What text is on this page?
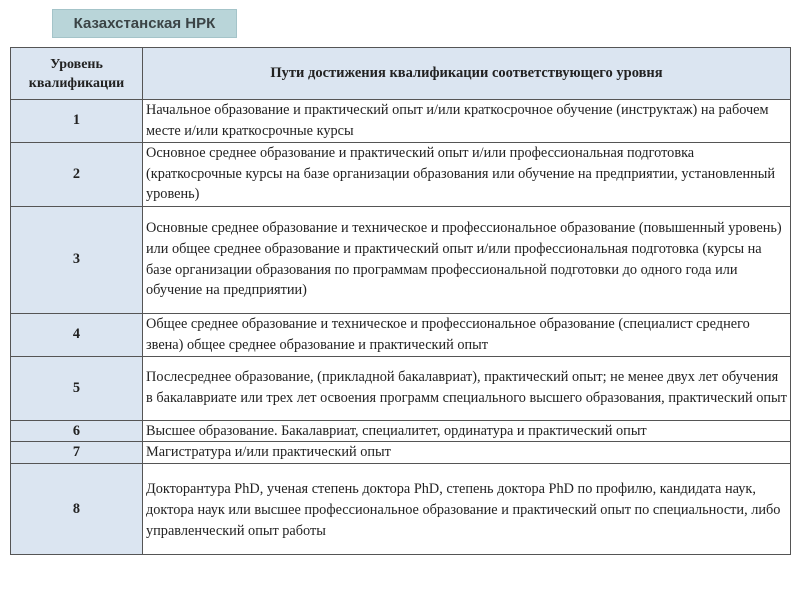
Казахстанская НРК
Уровень квалификации	Пути достижения квалификации соответствующего уровня
1	Начальное образование и практический опыт и/или краткосрочное обучение (инструктаж) на рабочем месте и/или краткосрочные курсы
2	Основное среднее образование и практический опыт и/или профессиональная подготовка (краткосрочные курсы на базе организации образования или обучение на предприятии, установленный уровень)
3	Основные среднее образование и техническое и профессиональное образование (повышенный уровень) или общее среднее образование и практический опыт и/или профессиональная подготовка (курсы на базе организации образования по программам профессиональной подготовки до одного года или обучение на предприятии)
4	Общее среднее образование и техническое и профессиональное образование (специалист среднего звена) общее среднее образование и практический опыт
5	Послесреднее образование, (прикладной бакалавриат), практический опыт; не менее двух лет обучения в бакалавриате или трех лет освоения программ специального высшего образования, практический опыт
6	Высшее образование. Бакалавриат, специалитет, ординатура и практический опыт
7	Магистратура и/или практический опыт
8	Докторантура PhD, ученая степень доктора PhD, степень доктора PhD по профилю, кандидата наук, доктора наук или высшее профессиональное образование и практический опыт по специальности, либо управленческий опыт работы
